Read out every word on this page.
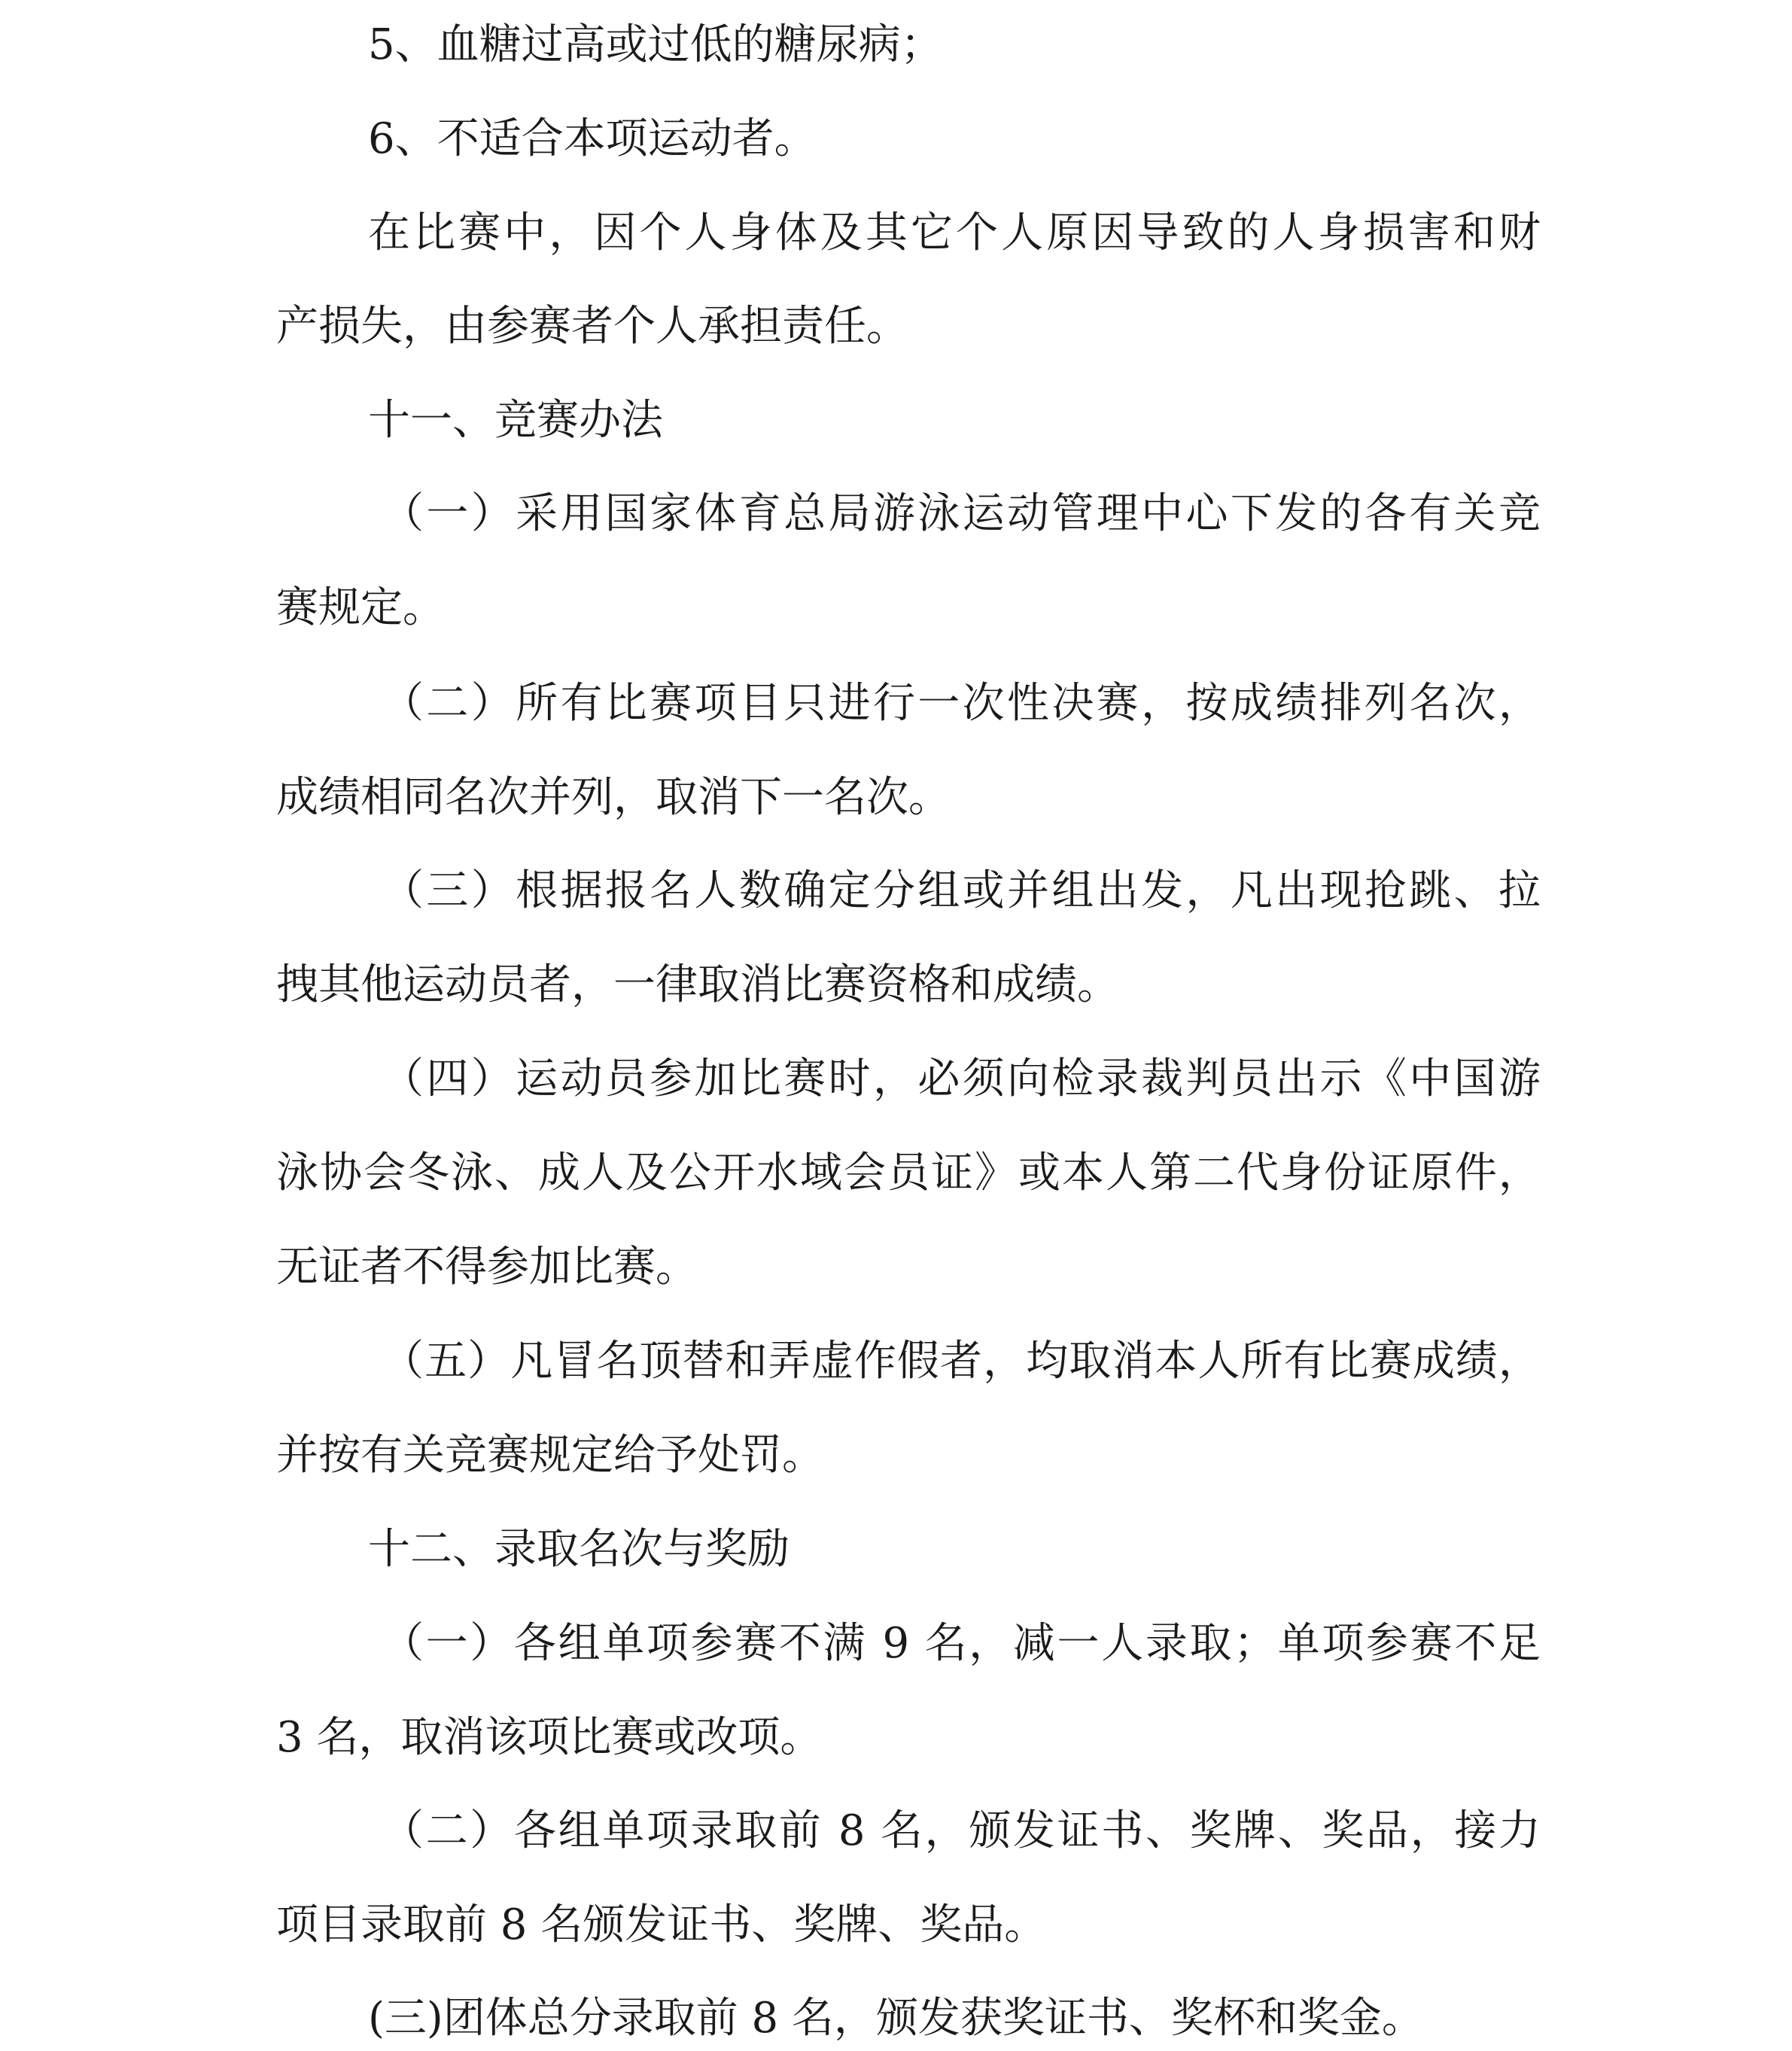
5、血糖过高或过低的糖尿病；
6、不适合本项运动者。
在比赛中，因个人身体及其它个人原因导致的人身损害和财
产损失，由参赛者个人承担责任。
十一、竞赛办法
（一）采用国家体育总局游泳运动管理中心下发的各有关竞
赛规定。
（二）所有比赛项目只进行一次性决赛，按成绩排列名次，
成绩相同名次并列，取消下一名次。
（三）根据报名人数确定分组或并组出发，凡出现抢跳、拉
拽其他运动员者，一律取消比赛资格和成绩。
（四）运动员参加比赛时，必须向检录裁判员出示《中国游
泳协会冬泳、成人及公开水域会员证》或本人第二代身份证原件，
无证者不得参加比赛。
（五）凡冒名顶替和弄虚作假者，均取消本人所有比赛成绩，
并按有关竞赛规定给予处罚。
十二、录取名次与奖励
（一）各组单项参赛不满 9 名，减一人录取；单项参赛不足
3 名，取消该项比赛或改项。
（二）各组单项录取前 8 名，颁发证书、奖牌、奖品，接力
项目录取前 8 名颁发证书、奖牌、奖品。
(三)团体总分录取前 8 名，颁发获奖证书、奖杯和奖金。
